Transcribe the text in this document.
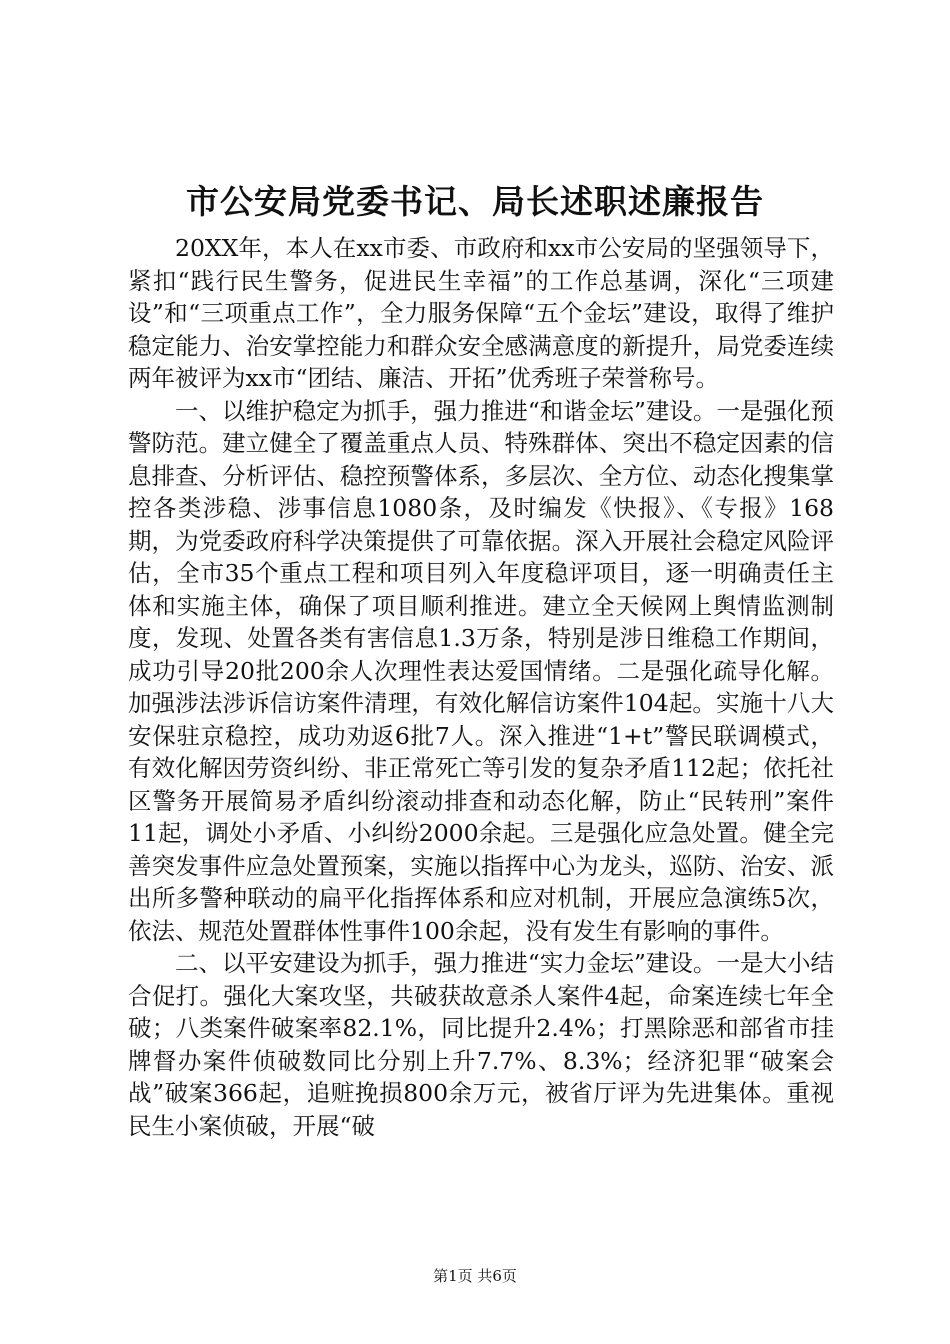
市公安局党委书记、局长述职述廉报告

20XX年，本人在xx市委、市政府和xx市公安局的坚强领导下，紧扣“践行民生警务，促进民生幸福”的工作总基调，深化“三项建设”和“三项重点工作”，全力服务保障“五个金坛”建设，取得了维护稳定能力、治安掌控能力和群众安全感满意度的新提升，局党委连续两年被评为xx市“团结、廉洁、开拓”优秀班子荣誉称号。

一、以维护稳定为抓手，强力推进“和谐金坛”建设。一是强化预警防范。建立健全了覆盖重点人员、特殊群体、突出不稳定因素的信息排查、分析评估、稳控预警体系，多层次、全方位、动态化搜集掌控各类涉稳、涉事信息1080条，及时编发《快报》、《专报》168期，为党委政府科学决策提供了可靠依据。深入开展社会稳定风险评估，全市35个重点工程和项目列入年度稳评项目，逐一明确责任主体和实施主体，确保了项目顺利推进。建立全天候网上舆情监测制度，发现、处置各类有害信息1.3万条，特别是涉日维稳工作期间，成功引导20批200余人次理性表达爱国情绪。二是强化疏导化解。加强涉法涉诉信访案件清理，有效化解信访案件104起。实施十八大安保驻京稳控，成功劝返6批7人。深入推进“1+t”警民联调模式，有效化解因劳资纠纷、非正常死亡等引发的复杂矛盾112起；依托社区警务开展简易矛盾纠纷滚动排查和动态化解，防止“民转刑”案件11起，调处小矛盾、小纠纷2000余起。三是强化应急处置。健全完善突发事件应急处置预案，实施以指挥中心为龙头，巡防、治安、派出所多警种联动的扁平化指挥体系和应对机制，开展应急演练5次，依法、规范处置群体性事件100余起，没有发生有影响的事件。

二、以平安建设为抓手，强力推进“实力金坛”建设。一是大小结合促打。强化大案攻坚，共破获故意杀人案件4起，命案连续七年全破；八类案件破案率82.1%，同比提升2.4%；打黑除恶和部省市挂牌督办案件侦破数同比分别上升7.7%、8.3%；经济犯罪“破案会战”破案366起，追赃挽损800余万元，被省厅评为先进集体。重视民生小案侦破，开展“破

第1页 共6页
